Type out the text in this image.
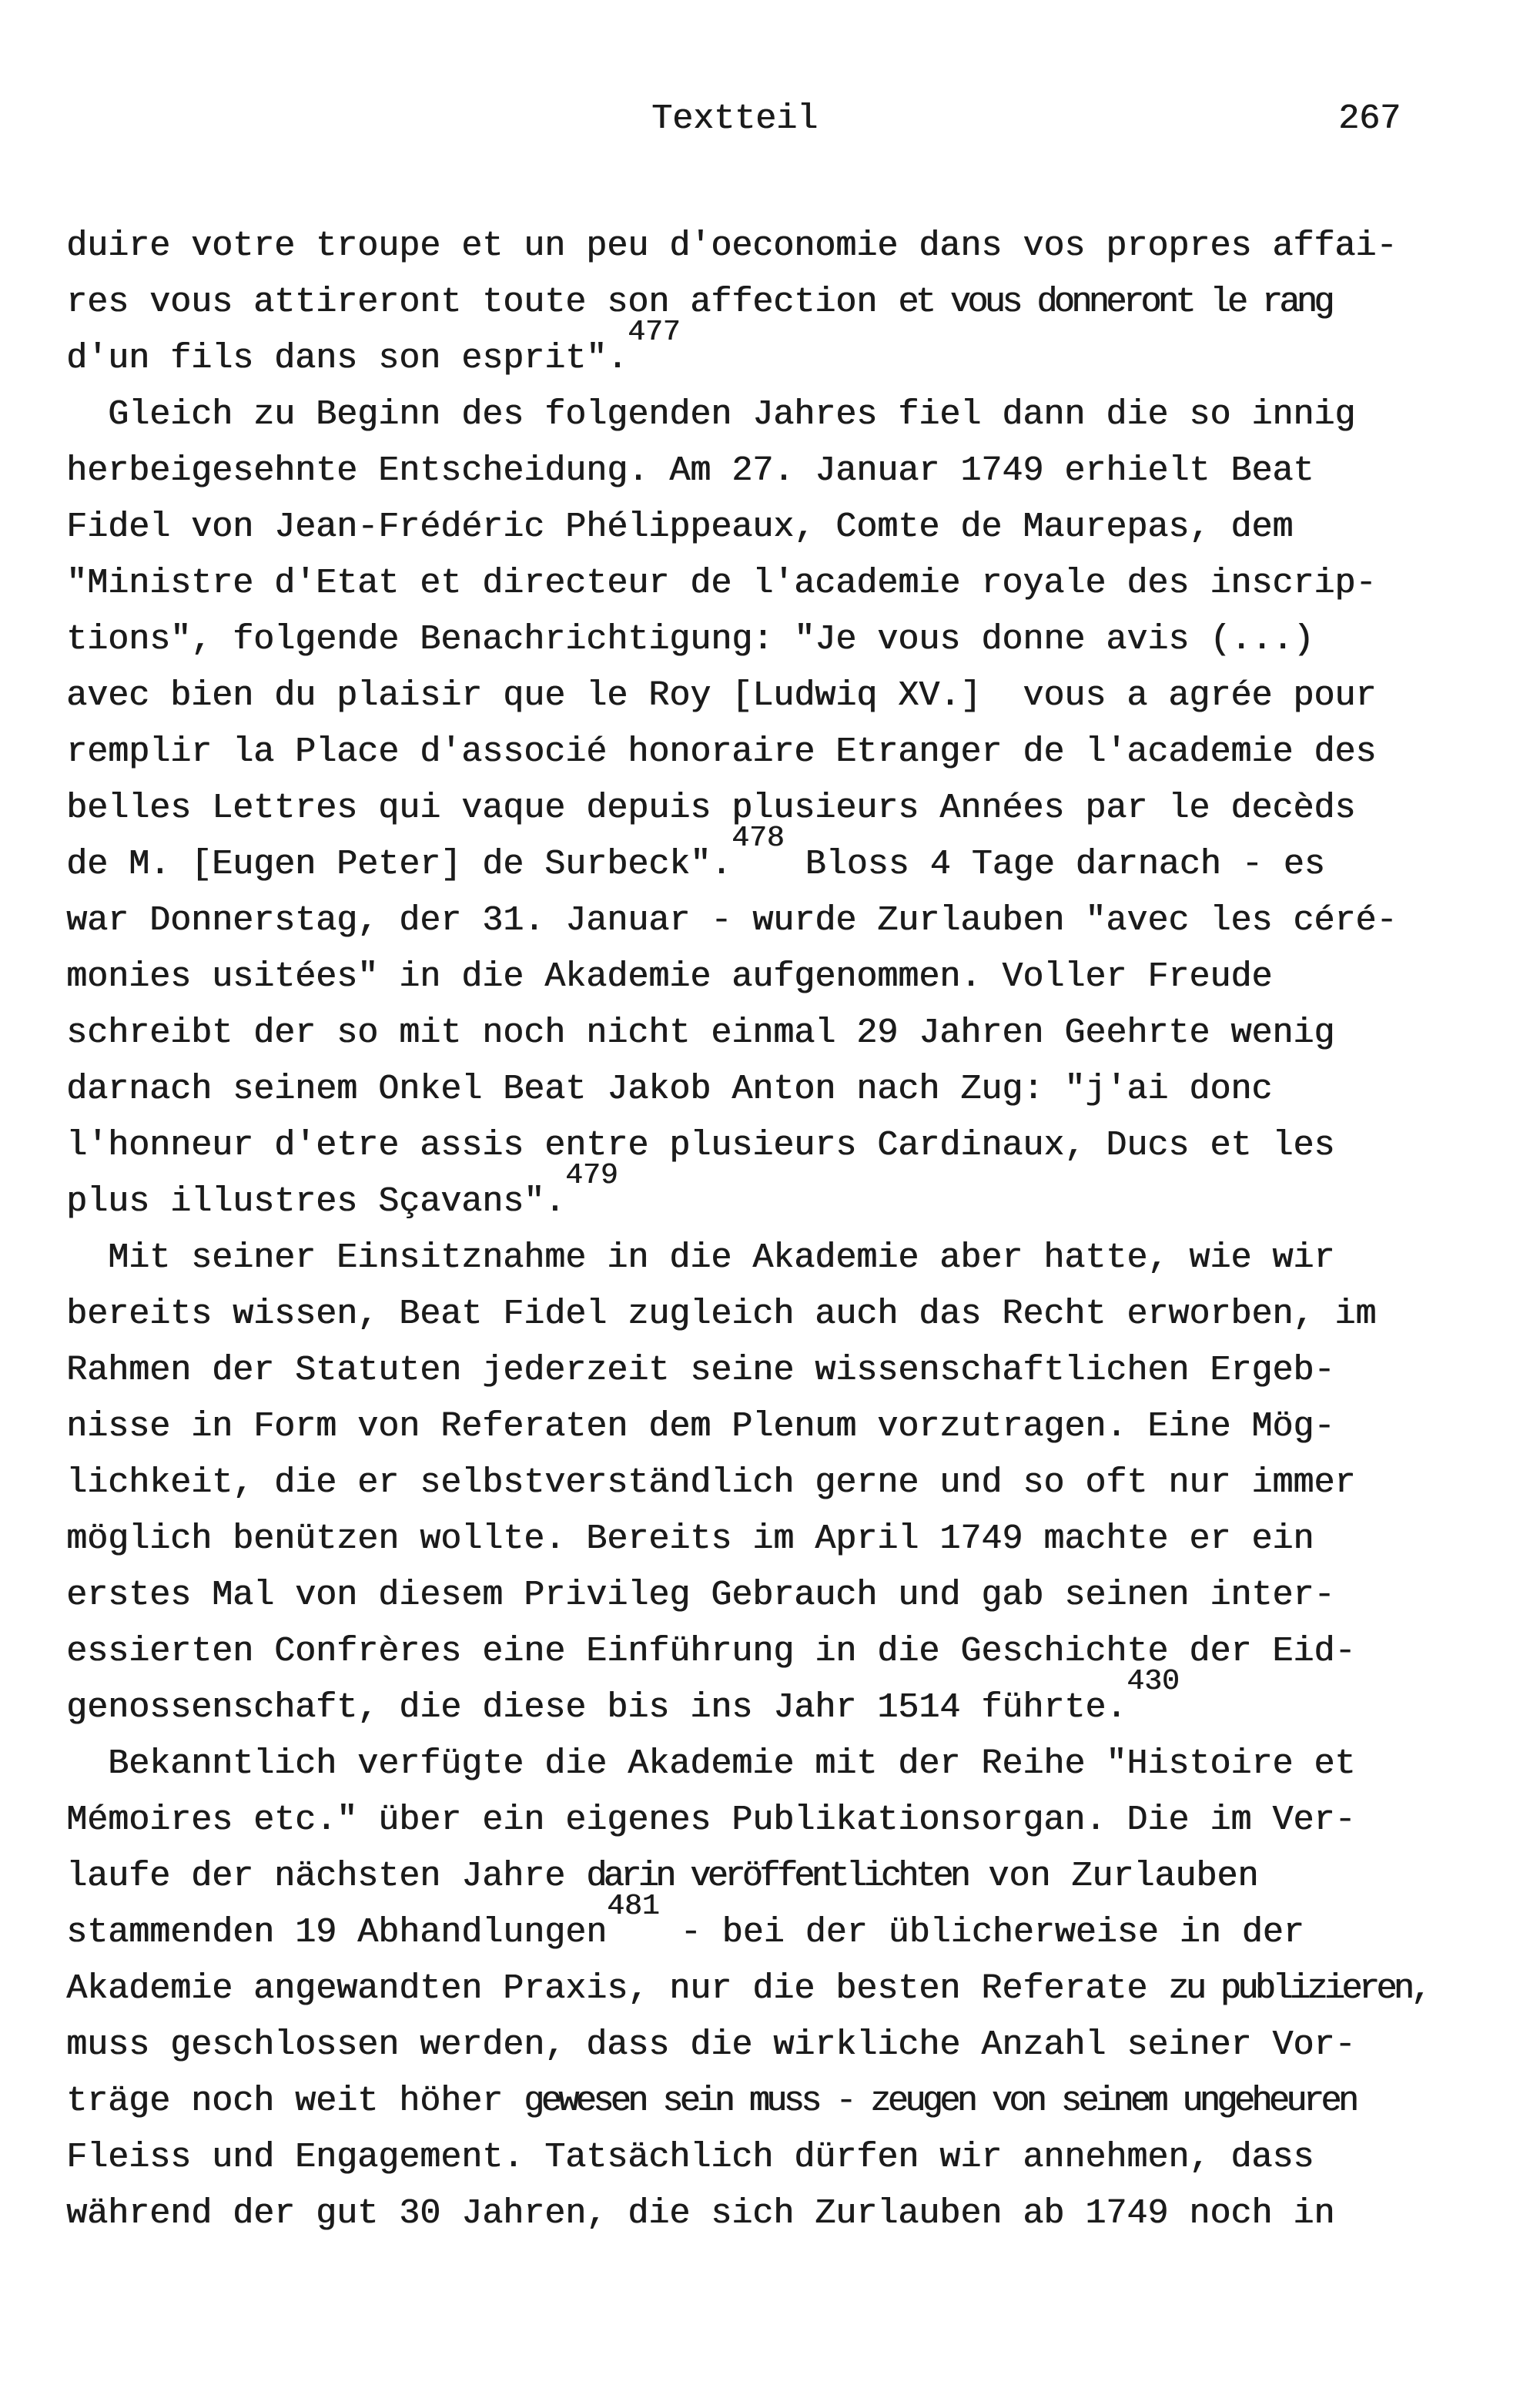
Textteil	267
duire votre troupe et un peu d'oeconomie dans vos propres affai-
res vous attireront toute son affection et vous donneront le rang
d'un fils dans son esprit".$^{477}$
Gleich zu Beginn des folgenden Jahres fiel dann die so innig
herbeigesehnte Entscheidung. Am 27. Januar 1749 erhielt Beat
Fidel von Jean-Frédéric Phélippeaux, Comte de Maurepas, dem
"Ministre d'Etat et directeur de l'academie royale des inscrip-
tions", folgende Benachrichtigung: "Je vous donne avis (...)
avec bien du plaisir que le Roy [Ludwiq XV.]  vous a agrée pour
remplir la Place d'associé honoraire Etranger de l'academie des
belles Lettres qui vaque depuis plusieurs Années par le decèds
de M. [Eugen Peter] de Surbeck".$^{478}$ Bloss 4 Tage darnach - es
war Donnerstag, der 31. Januar - wurde Zurlauben "avec les céré-
monies usitées" in die Akademie aufgenommen. Voller Freude
schreibt der so mit noch nicht einmal 29 Jahren Geehrte wenig
darnach seinem Onkel Beat Jakob Anton nach Zug: "j'ai donc
l'honneur d'etre assis entre plusieurs Cardinaux, Ducs et les
plus illustres Sçavans".$^{479}$
Mit seiner Einsitznahme in die Akademie aber hatte, wie wir
bereits wissen, Beat Fidel zugleich auch das Recht erworben, im
Rahmen der Statuten jederzeit seine wissenschaftlichen Ergeb-
nisse in Form von Referaten dem Plenum vorzutragen. Eine Mög-
lichkeit, die er selbstverständlich gerne und so oft nur immer
möglich benützen wollte. Bereits im April 1749 machte er ein
erstes Mal von diesem Privileg Gebrauch und gab seinen inter-
essierten Confrères eine Einführung in die Geschichte der Eid-
genossenschaft, die diese bis ins Jahr 1514 führte.$^{430}$
Bekanntlich verfügte die Akademie mit der Reihe "Histoire et
Mémoires etc." über ein eigenes Publikationsorgan. Die im Ver-
laufe der nächsten Jahre darin veröffentlichten von Zurlauben
stammenden 19 Abhandlungen$^{481}$ - bei der üblicherweise in der
Akademie angewandten Praxis, nur die besten Referate zu publizieren,
muss geschlossen werden, dass die wirkliche Anzahl seiner Vor-
träge noch weit höher gewesen sein muss - zeugen von seinem ungeheuren
Fleiss und Engagement. Tatsächlich dürfen wir annehmen, dass
während der gut 30 Jahren, die sich Zurlauben ab 1749 noch in
